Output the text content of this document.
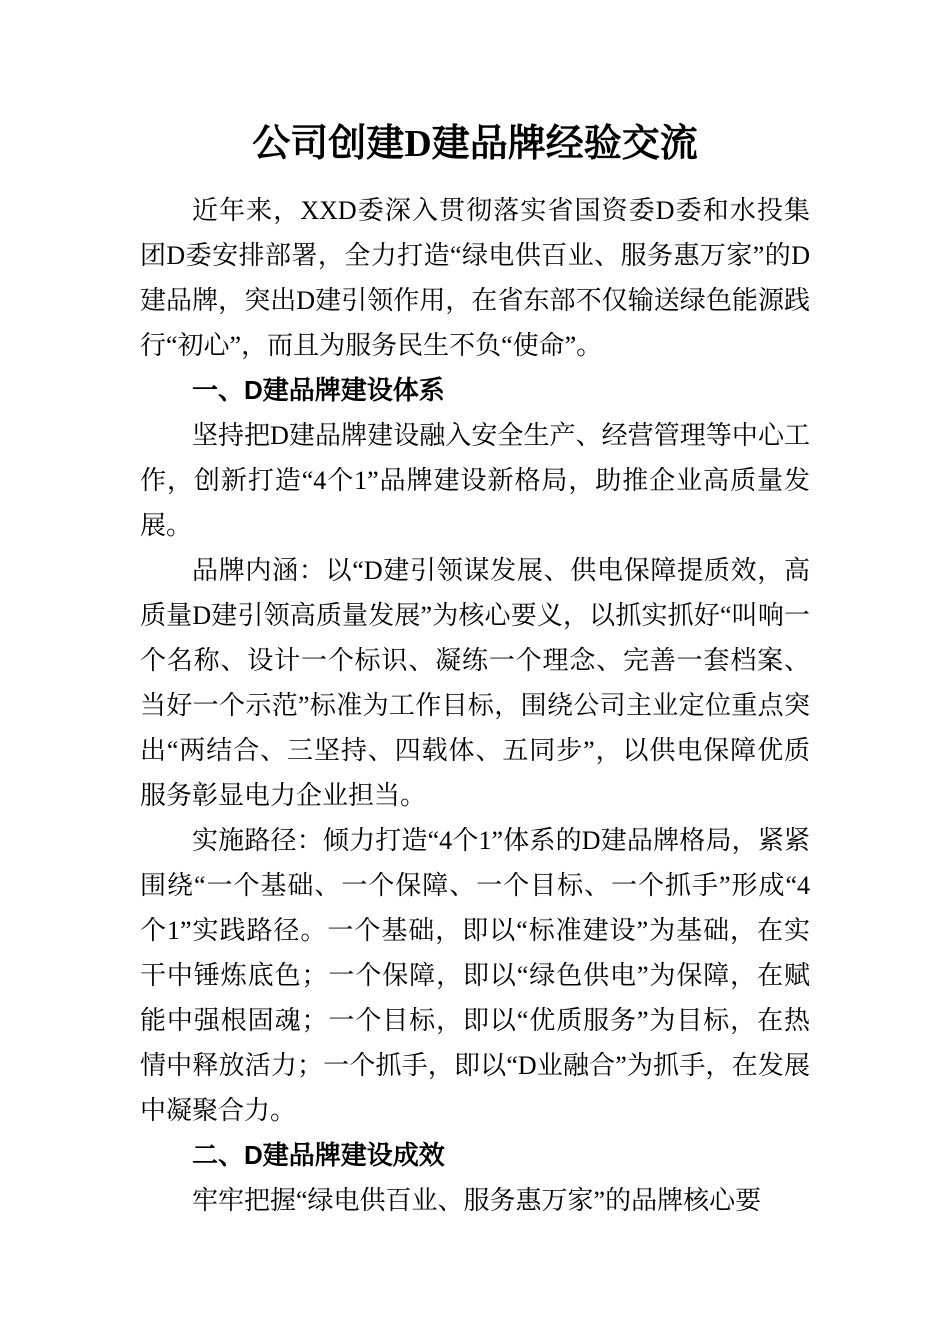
公司创建D建品牌经验交流

近年来，XXD委深入贯彻落实省国资委D委和水投集团D委安排部署，全力打造“绿电供百业、服务惠万家”的D建品牌，突出D建引领作用，在省东部不仅输送绿色能源践行“初心”，而且为服务民生不负“使命”。

一、D建品牌建设体系

坚持把D建品牌建设融入安全生产、经营管理等中心工作，创新打造“4个1”品牌建设新格局，助推企业高质量发展。

品牌内涵：以“D建引领谋发展、供电保障提质效，高质量D建引领高质量发展”为核心要义，以抓实抓好“叫响一个名称、设计一个标识、凝练一个理念、完善一套档案、当好一个示范”标准为工作目标，围绕公司主业定位重点突出“两结合、三坚持、四载体、五同步”，以供电保障优质服务彰显电力企业担当。

实施路径：倾力打造“4个1”体系的D建品牌格局，紧紧围绕“一个基础、一个保障、一个目标、一个抓手”形成“4个1”实践路径。一个基础，即以“标准建设”为基础，在实干中锤炼底色；一个保障，即以“绿色供电”为保障，在赋能中强根固魂；一个目标，即以“优质服务”为目标，在热情中释放活力；一个抓手，即以“D业融合”为抓手，在发展中凝聚合力。

二、D建品牌建设成效

牢牢把握“绿电供百业、服务惠万家”的品牌核心要
